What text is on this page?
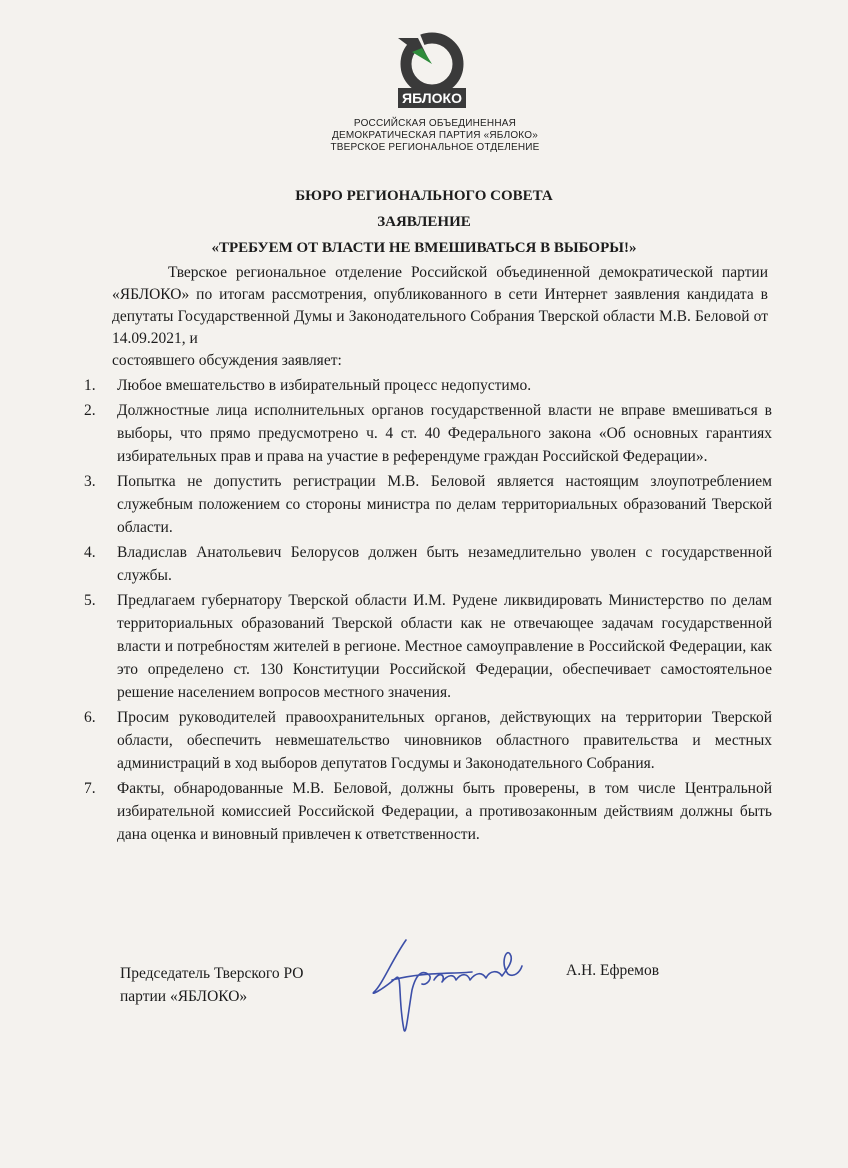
ЯБЛОКО
РОССИЙСКАЯ ОБЪЕДИНЕННАЯ
ДЕМОКРАТИЧЕСКАЯ ПАРТИЯ «ЯБЛОКО»
ТВЕРСКОЕ РЕГИОНАЛЬНОЕ ОТДЕЛЕНИЕ
БЮРО РЕГИОНАЛЬНОГО СОВЕТА
ЗАЯВЛЕНИЕ
«ТРЕБУЕМ ОТ ВЛАСТИ НЕ ВМЕШИВАТЬСЯ В ВЫБОРЫ!»
Тверское региональное отделение Российской объединенной демократической партии «ЯБЛОКО» по итогам рассмотрения, опубликованного в сети Интернет заявления кандидата в депутаты Государственной Думы и Законодательного Собрания Тверской области М.В. Беловой от 14.09.2021, и
состоявшего обсуждения заявляет:
1. Любое вмешательство в избирательный процесс недопустимо.
2. Должностные лица исполнительных органов государственной власти не вправе вмешиваться в выборы, что прямо предусмотрено ч. 4 ст. 40 Федерального закона «Об основных гарантиях избирательных прав и права на участие в референдуме граждан Российской Федерации».
3. Попытка не допустить регистрации М.В. Беловой является настоящим злоупотреблением служебным положением со стороны министра по делам территориальных образований Тверской области.
4. Владислав Анатольевич Белорусов должен быть незамедлительно уволен с государственной службы.
5. Предлагаем губернатору Тверской области И.М. Рудене ликвидировать Министерство по делам территориальных образований Тверской области как не отвечающее задачам государственной власти и потребностям жителей в регионе. Местное самоуправление в Российской Федерации, как это определено ст. 130 Конституции Российской Федерации, обеспечивает самостоятельное решение населением вопросов местного значения.
6. Просим руководителей правоохранительных органов, действующих на территории Тверской области, обеспечить невмешательство чиновников областного правительства и местных администраций в ход выборов депутатов Госдумы и Законодательного Собрания.
7. Факты, обнародованные М.В. Беловой, должны быть проверены, в том числе Центральной избирательной комиссией Российской Федерации, а противозаконным действиям должны быть дана оценка и виновный привлечен к ответственности.
Председатель Тверского РО
партии «ЯБЛОКО»
А.Н. Ефремов
